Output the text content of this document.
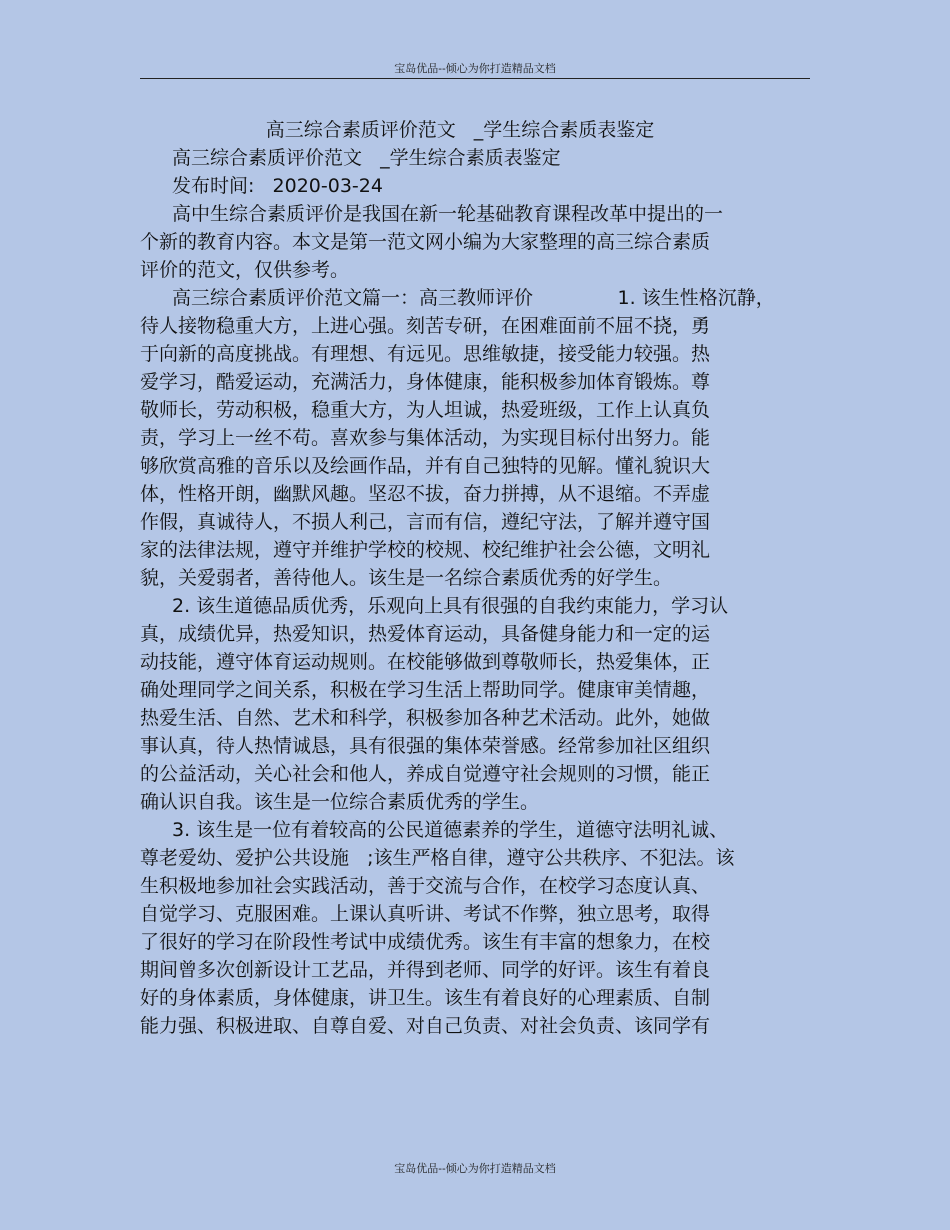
宝岛优品--倾心为你打造精品文档
高三综合素质评价范文   _学生综合素质表鉴定
高三综合素质评价范文   _学生综合素质表鉴定
发布时间:   2020-03-24
高中生综合素质评价是我国在新一轮基础教育课程改革中提出的一
个新的教育内容。本文是第一范文网小编为大家整理的高三综合素质
评价的范文，仅供参考。
高三综合素质评价范文篇一：高三教师评价              1. 该生性格沉静，
待人接物稳重大方，上进心强。刻苦专研，在困难面前不屈不挠，勇
于向新的高度挑战。有理想、有远见。思维敏捷，接受能力较强。热
爱学习，酷爱运动，充满活力，身体健康，能积极参加体育锻炼。尊
敬师长，劳动积极，稳重大方，为人坦诚，热爱班级，工作上认真负
责，学习上一丝不苟。喜欢参与集体活动，为实现目标付出努力。能
够欣赏高雅的音乐以及绘画作品，并有自己独特的见解。懂礼貌识大
体，性格开朗，幽默风趣。坚忍不拔，奋力拼搏，从不退缩。不弄虚
作假，真诚待人，不损人利己，言而有信，遵纪守法，了解并遵守国
家的法律法规，遵守并维护学校的校规、校纪维护社会公德，文明礼
貌，关爱弱者，善待他人。该生是一名综合素质优秀的好学生。
2. 该生道德品质优秀，乐观向上具有很强的自我约束能力，学习认
真，成绩优异，热爱知识，热爱体育运动，具备健身能力和一定的运
动技能，遵守体育运动规则。在校能够做到尊敬师长，热爱集体，正
确处理同学之间关系，积极在学习生活上帮助同学。健康审美情趣，
热爱生活、自然、艺术和科学，积极参加各种艺术活动。此外，她做
事认真，待人热情诚恳，具有很强的集体荣誉感。经常参加社区组织
的公益活动，关心社会和他人，养成自觉遵守社会规则的习惯，能正
确认识自我。该生是一位综合素质优秀的学生。
3. 该生是一位有着较高的公民道德素养的学生，道德守法明礼诚、
尊老爱幼、爱护公共设施   ;该生严格自律，遵守公共秩序、不犯法。该
生积极地参加社会实践活动，善于交流与合作，在校学习态度认真、
自觉学习、克服困难。上课认真听讲、考试不作弊，独立思考，取得
了很好的学习在阶段性考试中成绩优秀。该生有丰富的想象力，在校
期间曾多次创新设计工艺品，并得到老师、同学的好评。该生有着良
好的身体素质，身体健康，讲卫生。该生有着良好的心理素质、自制
能力强、积极进取、自尊自爱、对自己负责、对社会负责、该同学有
宝岛优品--倾心为你打造精品文档
